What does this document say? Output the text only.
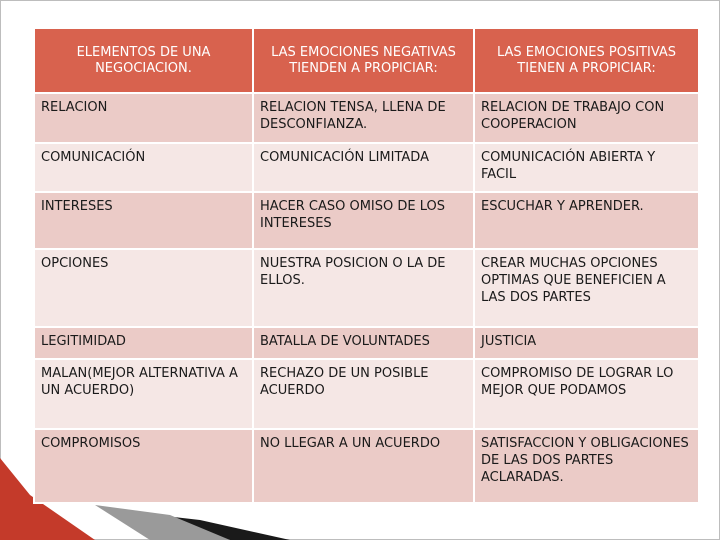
ELEMENTOS DE UNA NEGOCIACION.	LAS EMOCIONES NEGATIVAS TIENDEN A PROPICIAR:	LAS EMOCIONES POSITIVAS TIENEN A PROPICIAR:
RELACION	RELACION TENSA, LLENA DE DESCONFIANZA.	RELACION DE TRABAJO CON COOPERACION
COMUNICACIÓN	COMUNICACIÓN LIMITADA	COMUNICACIÓN ABIERTA Y FACIL
INTERESES	HACER CASO OMISO DE LOS INTERESES	ESCUCHAR Y APRENDER.
OPCIONES	NUESTRA POSICION O LA DE ELLOS.	CREAR MUCHAS OPCIONES OPTIMAS QUE BENEFICIEN A LAS DOS PARTES
LEGITIMIDAD	BATALLA DE VOLUNTADES	JUSTICIA
MALAN(MEJOR ALTERNATIVA A UN ACUERDO)	RECHAZO DE UN POSIBLE ACUERDO	COMPROMISO DE LOGRAR LO MEJOR QUE PODAMOS
COMPROMISOS	NO LLEGAR A UN ACUERDO	SATISFACCION Y OBLIGACIONES DE LAS DOS PARTES ACLARADAS.
